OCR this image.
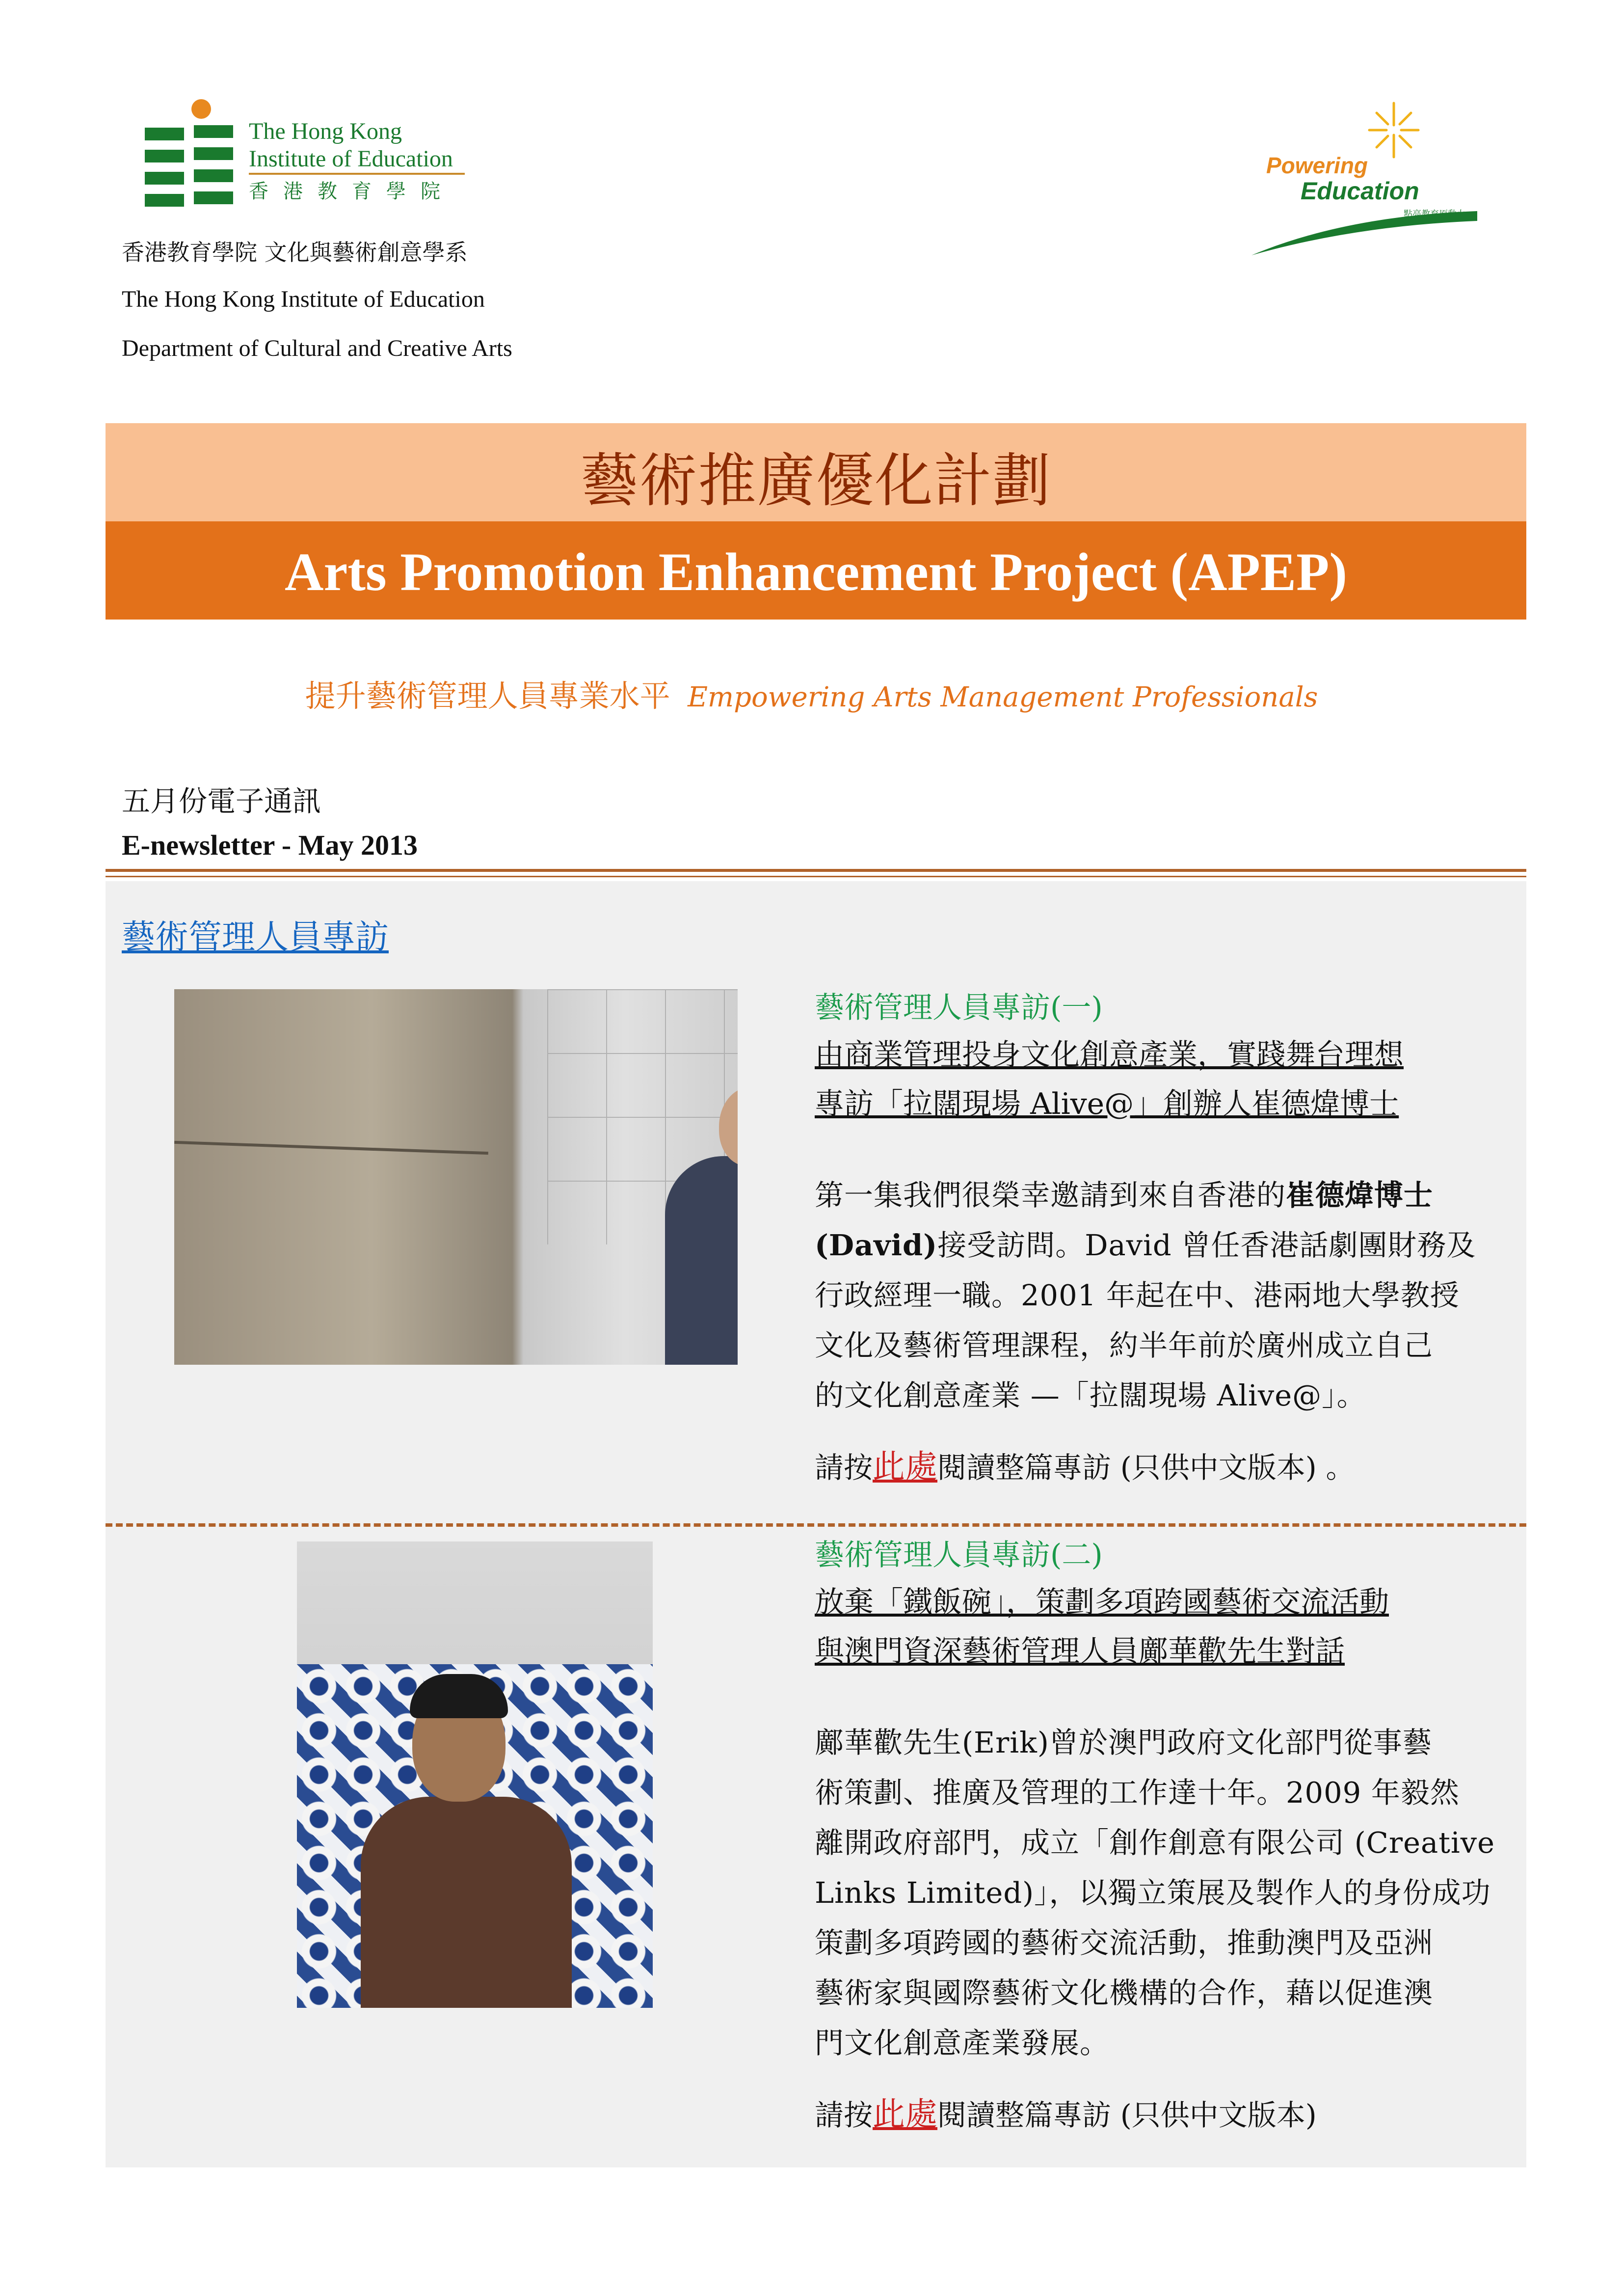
The Hong Kong
Institute of Education
香港教育學院
Powering
Education
點亮教育原動力
香港教育學院 文化與藝術創意學系
The Hong Kong Institute of Education
Department of Cultural and Creative Arts
藝術推廣優化計劃
Arts Promotion Enhancement Project (APEP)
提升藝術管理人員專業水平 Empowering Arts Management Professionals
五月份電子通訊
E-newsletter - May 2013
藝術管理人員專訪
藝術管理人員專訪(一)
由商業管理投身文化創意產業，實踐舞台理想
專訪「拉闊現場 Alive@」創辦人崔德煒博士
第一集我們很榮幸邀請到來自香港的崔德煒博士
(David)接受訪問。David 曾任香港話劇團財務及
行政經理一職。2001 年起在中、港兩地大學教授
文化及藝術管理課程，約半年前於廣州成立自己
的文化創意產業 —「拉闊現場 Alive@」。
請按此處閱讀整篇專訪 (只供中文版本) 。
藝術管理人員專訪(二)
放棄「鐵飯碗」，策劃多項跨國藝術交流活動
與澳門資深藝術管理人員鄺華歡先生對話
鄺華歡先生(Erik)曾於澳門政府文化部門從事藝
術策劃、推廣及管理的工作達十年。2009 年毅然
離開政府部門，成立「創作創意有限公司 (Creative
Links Limited)」，以獨立策展及製作人的身份成功
策劃多項跨國的藝術交流活動，推動澳門及亞洲
藝術家與國際藝術文化機構的合作，藉以促進澳
門文化創意產業發展。
請按此處閱讀整篇專訪 (只供中文版本)
